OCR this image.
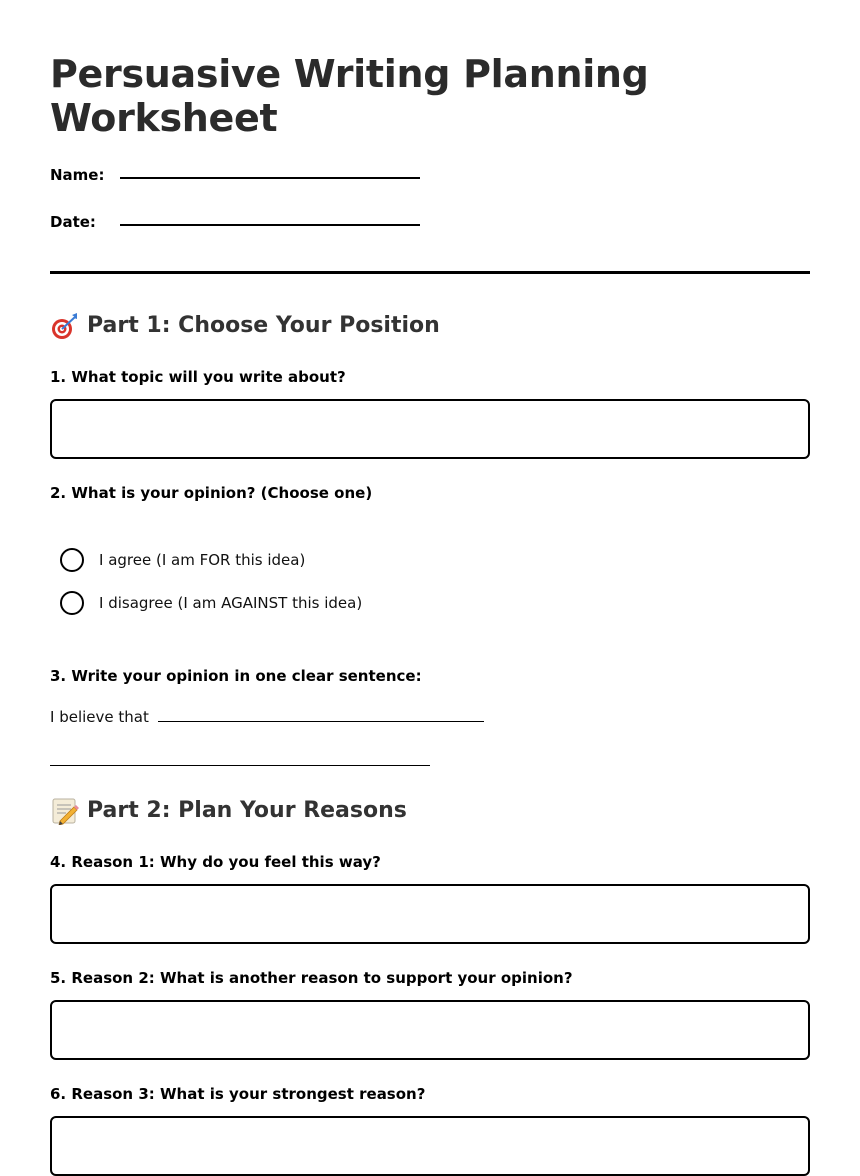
Persuasive Writing Planning Worksheet
Name:
Date:
Part 1: Choose Your Position
1. What topic will you write about?
2. What is your opinion? (Choose one)
I agree (I am FOR this idea)
I disagree (I am AGAINST this idea)
3. Write your opinion in one clear sentence:
I believe that
Part 2: Plan Your Reasons
4. Reason 1: Why do you feel this way?
5. Reason 2: What is another reason to support your opinion?
6. Reason 3: What is your strongest reason?
